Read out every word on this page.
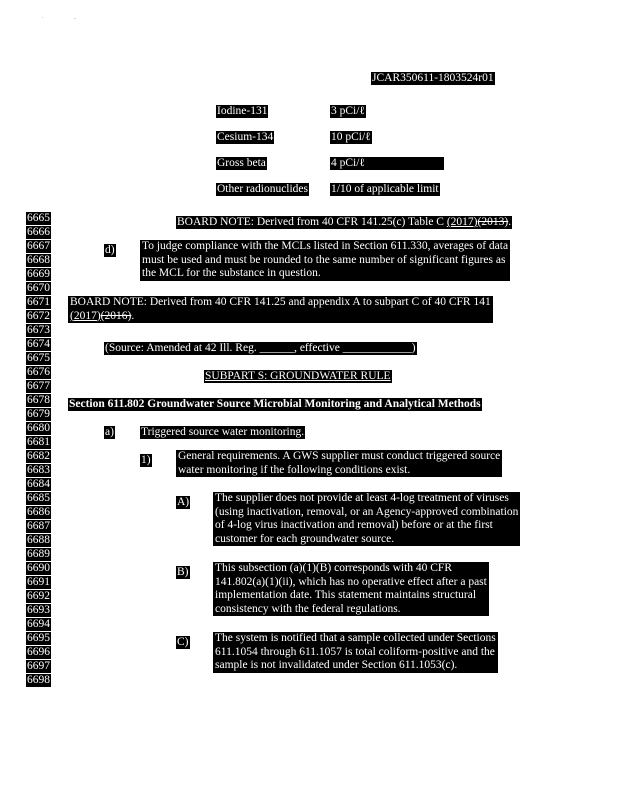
.	-
JCAR350611-1803524r01
Iodine-131	3 pCi/ℓ
Cesium-134	10 pCi/ℓ
Gross beta	4 pCi/ℓ
Other radionuclides 1/10 of applicable limit
6665
6666
6667
6668
6669
6670
6671
6672
6673
6674
6675
6676
6677
6678
6679
6680
6681
6682
6683
6684
6685
6686
6687
6688
6689
6690
6691
6692
6693
6694
6695
6696
6697
6698
BOARD NOTE: Derived from 40 CFR 141.25(c) Table C (2017)(2013).
d) To judge compliance with the MCLs listed in Section 611.330, averages of data
must be used and must be rounded to the same number of significant figures as
the MCL for the substance in question.
BOARD NOTE: Derived from 40 CFR 141.25 and appendix A to subpart C of 40 CFR 141
(2017)(2016).
(Source: Amended at 42 Ill. Reg. ______, effective ____________)
SUBPART S: GROUNDWATER RULE
Section 611.802 Groundwater Source Microbial Monitoring and Analytical Methods
a) Triggered source water monitoring.
1) General requirements. A GWS supplier must conduct triggered source
water monitoring if the following conditions exist.
A) The supplier does not provide at least 4-log treatment of viruses
(using inactivation, removal, or an Agency-approved combination
of 4-log virus inactivation and removal) before or at the first
customer for each groundwater source.
B) This subsection (a)(1)(B) corresponds with 40 CFR
141.802(a)(1)(ii), which has no operative effect after a past
implementation date. This statement maintains structural
consistency with the federal regulations.
C) The system is notified that a sample collected under Sections
611.1054 through 611.1057 is total coliform-positive and the
sample is not invalidated under Section 611.1053(c).
